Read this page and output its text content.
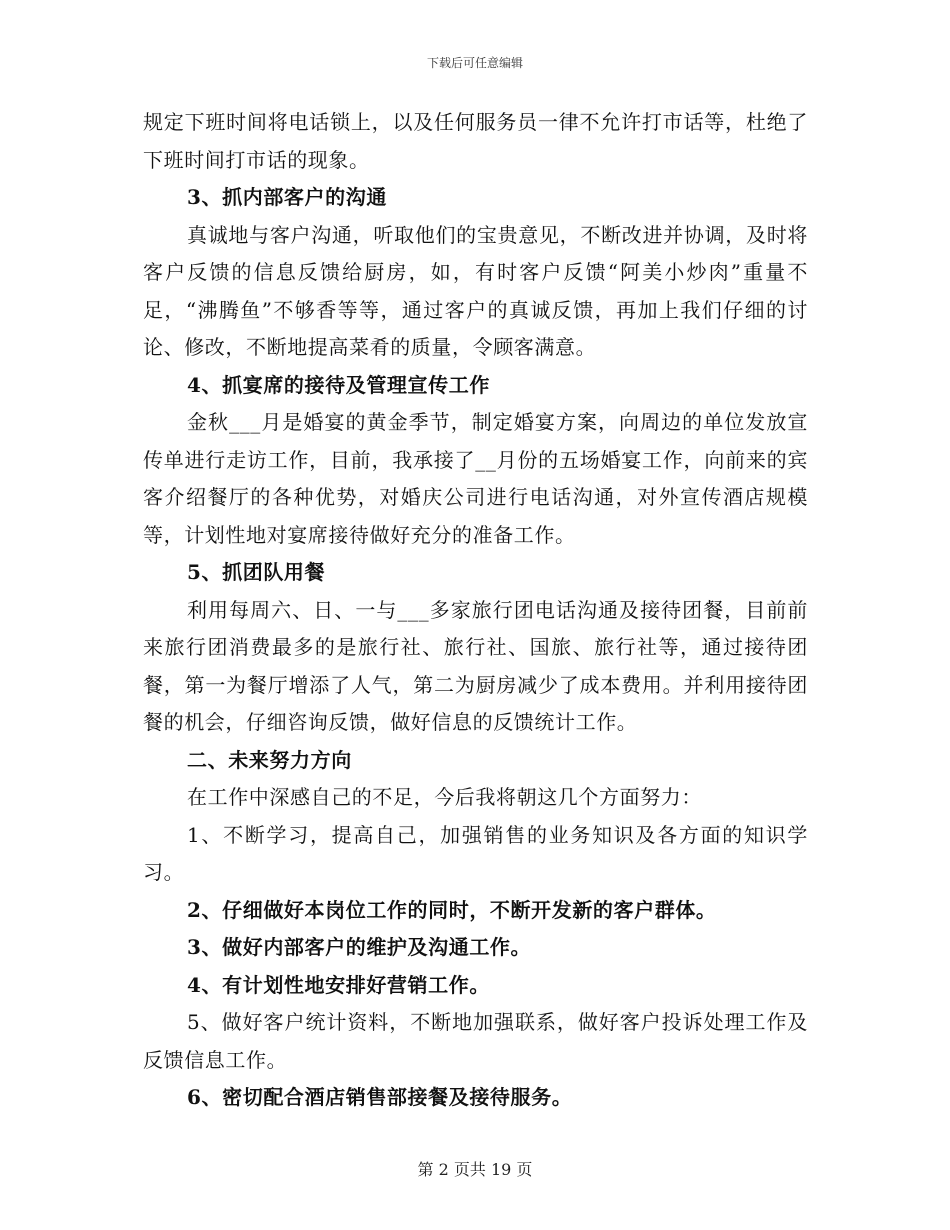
下载后可任意编辑

规定下班时间将电话锁上，以及任何服务员一律不允许打市话等，杜绝了下班时间打市话的现象。

3、抓内部客户的沟通

真诚地与客户沟通，听取他们的宝贵意见，不断改进并协调，及时将客户反馈的信息反馈给厨房，如，有时客户反馈“阿美小炒肉”重量不足，“沸腾鱼”不够香等等，通过客户的真诚反馈，再加上我们仔细的讨论、修改，不断地提高菜肴的质量，令顾客满意。

4、抓宴席的接待及管理宣传工作

金秋___月是婚宴的黄金季节，制定婚宴方案，向周边的单位发放宣传单进行走访工作，目前，我承接了__月份的五场婚宴工作，向前来的宾客介绍餐厅的各种优势，对婚庆公司进行电话沟通，对外宣传酒店规模等，计划性地对宴席接待做好充分的准备工作。

5、抓团队用餐

利用每周六、日、一与___多家旅行团电话沟通及接待团餐，目前前来旅行团消费最多的是旅行社、旅行社、国旅、旅行社等，通过接待团餐，第一为餐厅增添了人气，第二为厨房减少了成本费用。并利用接待团餐的机会，仔细咨询反馈，做好信息的反馈统计工作。

二、未来努力方向

在工作中深感自己的不足，今后我将朝这几个方面努力：

1、不断学习，提高自己，加强销售的业务知识及各方面的知识学习。

2、仔细做好本岗位工作的同时，不断开发新的客户群体。

3、做好内部客户的维护及沟通工作。

4、有计划性地安排好营销工作。

5、做好客户统计资料，不断地加强联系，做好客户投诉处理工作及反馈信息工作。

6、密切配合酒店销售部接餐及接待服务。

第 2 页共 19 页
